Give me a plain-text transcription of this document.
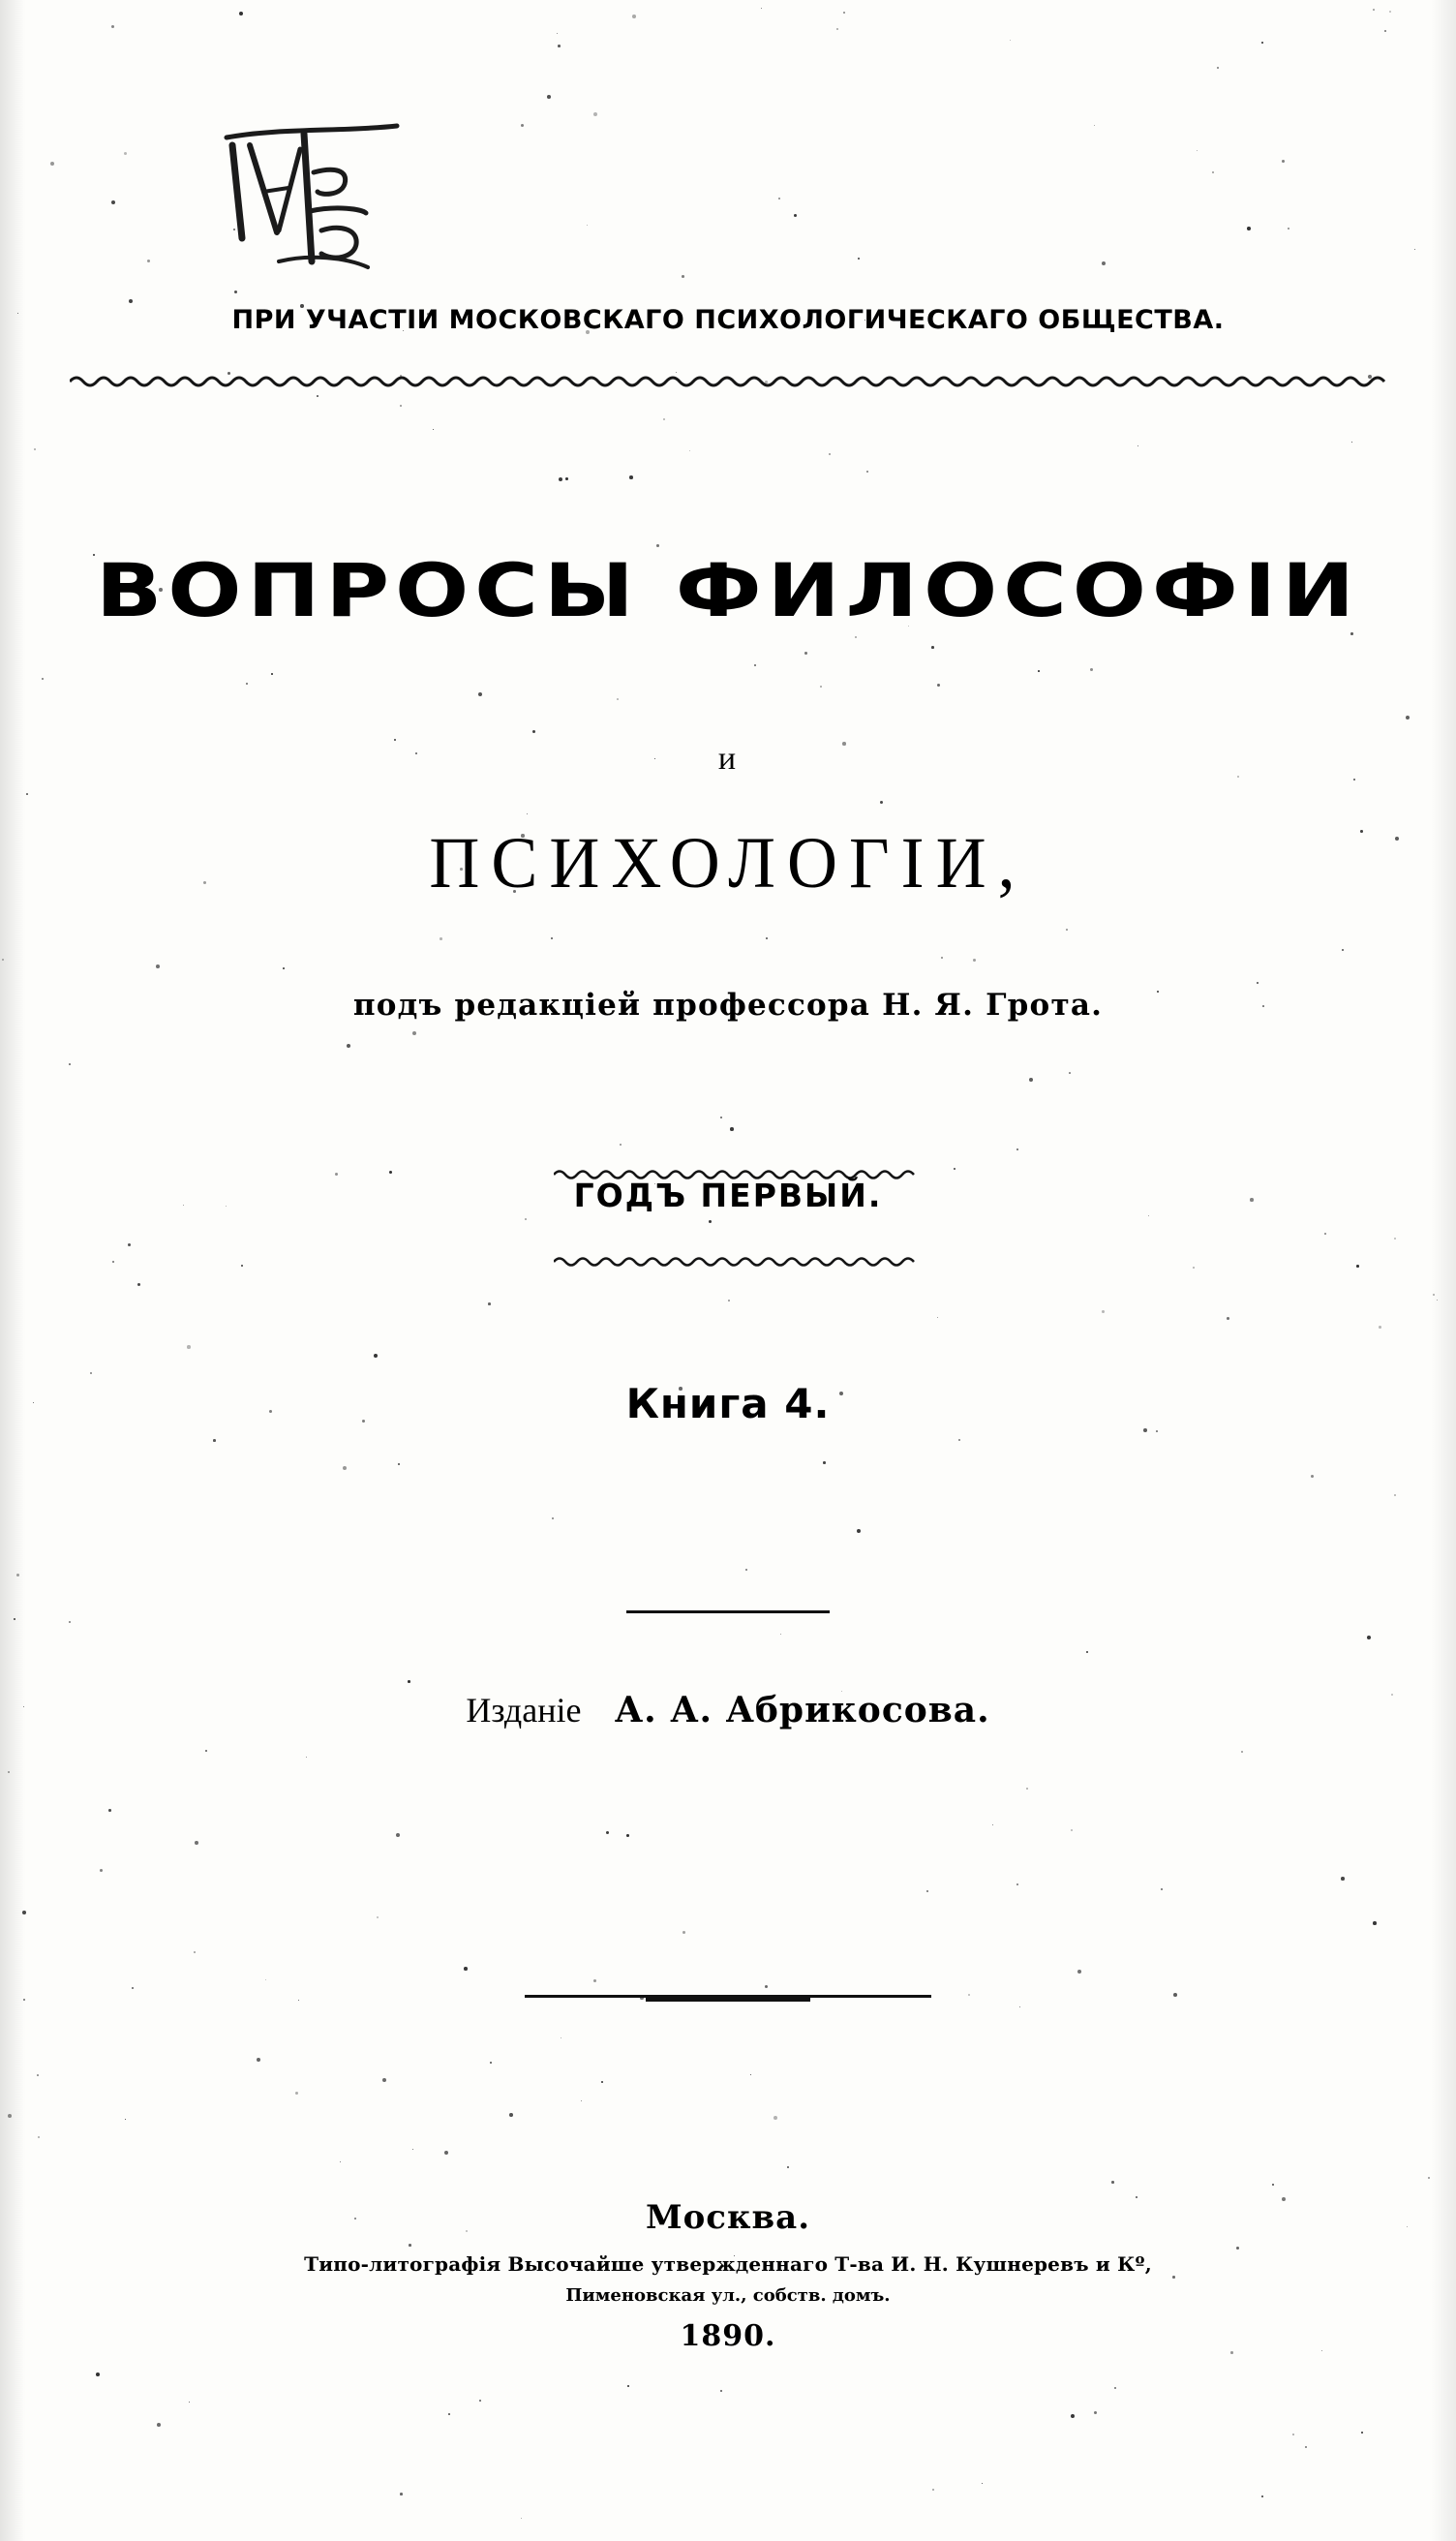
ПРИ УЧАСТІИ МОСКОВСКАГО ПСИХОЛОГИЧЕСКАГО ОБЩЕСТВА.
ВОПРОСЫ ФИЛОСОФІИ
и
ПСИХОЛОГІИ,
подъ редакціей профессора Н. Я. Грота.
ГОДЪ ПЕРВЫЙ.
Книга 4.
Изданіе А. А. Абрикосова.
Москва.
Типо-литографія Высочайше утвержденнаго Т-ва И. Н. Кушнеревъ и Кº,
Пименовская ул., собств. домъ.
1890.
